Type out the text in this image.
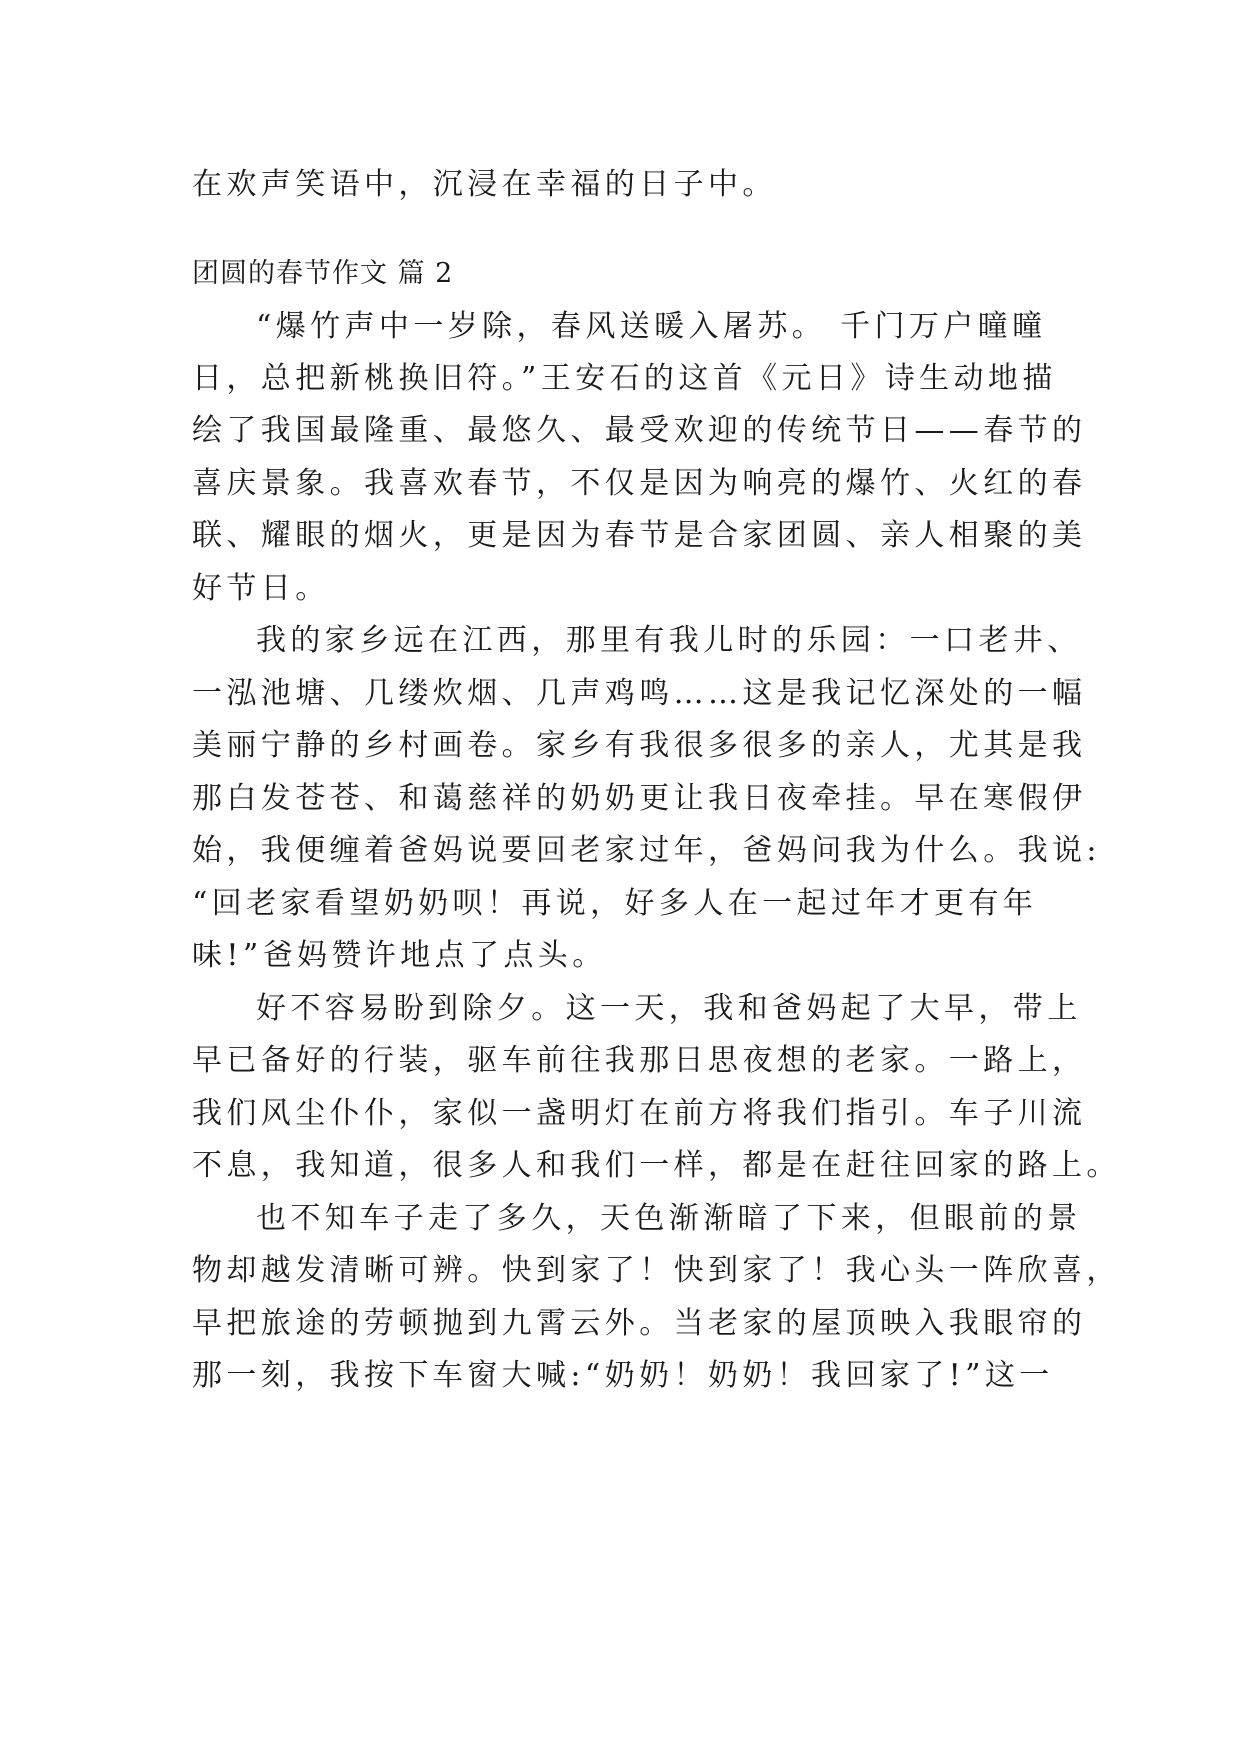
在欢声笑语中，沉浸在幸福的日子中。

团圆的春节作文 篇 2

“爆竹声中一岁除，春风送暖入屠苏。 千门万户曈曈

日，总把新桃换旧符。”王安石的这首《元日》诗生动地描

绘了我国最隆重、最悠久、最受欢迎的传统节日——春节的

喜庆景象。我喜欢春节，不仅是因为响亮的爆竹、火红的春

联、耀眼的烟火，更是因为春节是合家团圆、亲人相聚的美

好节日。

我的家乡远在江西，那里有我儿时的乐园：一口老井、

一泓池塘、几缕炊烟、几声鸡鸣……这是我记忆深处的一幅

美丽宁静的乡村画卷。家乡有我很多很多的亲人，尤其是我

那白发苍苍、和蔼慈祥的奶奶更让我日夜牵挂。早在寒假伊

始，我便缠着爸妈说要回老家过年，爸妈问我为什么。我说:

“回老家看望奶奶呗！再说，好多人在一起过年才更有年

味!”爸妈赞许地点了点头。

好不容易盼到除夕。这一天，我和爸妈起了大早，带上

早已备好的行装，驱车前往我那日思夜想的老家。一路上，

我们风尘仆仆，家似一盏明灯在前方将我们指引。车子川流

不息，我知道，很多人和我们一样，都是在赶往回家的路上。

也不知车子走了多久，天色渐渐暗了下来，但眼前的景

物却越发清晰可辨。快到家了！快到家了！我心头一阵欣喜，

早把旅途的劳顿抛到九霄云外。当老家的屋顶映入我眼帘的

那一刻，我按下车窗大喊:“奶奶！奶奶！我回家了!”这一
